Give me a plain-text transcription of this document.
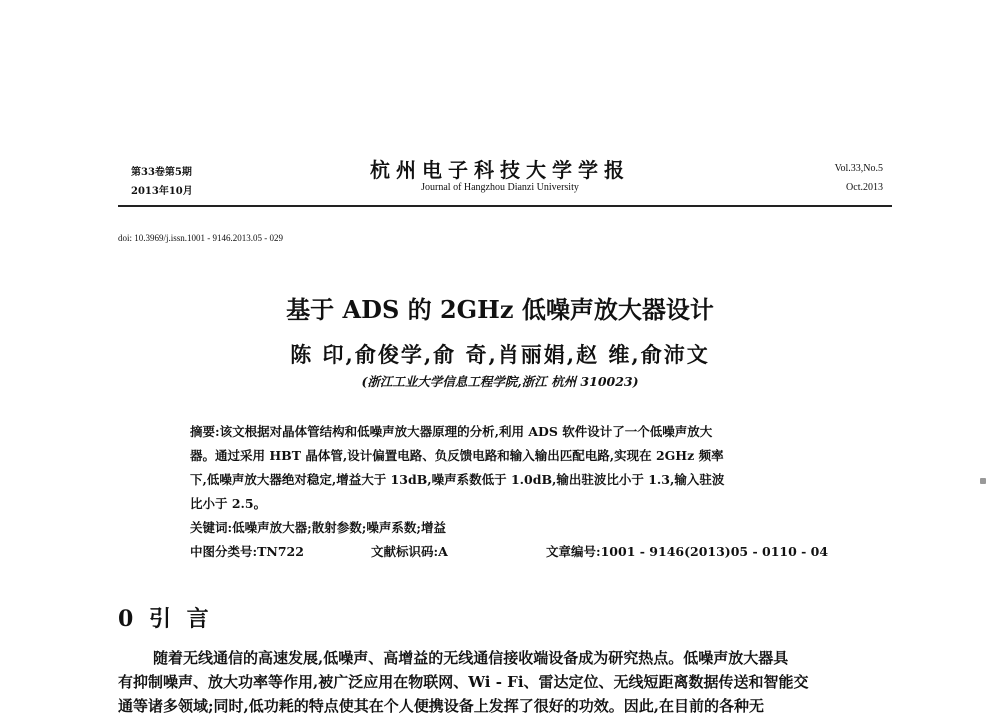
第33卷第5期
2013年10月
杭州电子科技大学学报
Journal of Hangzhou Dianzi University
Vol.33,No.5
Oct.2013
doi: 10.3969/j.issn.1001 - 9146.2013.05 - 029
基于 ADS 的 2GHz 低噪声放大器设计
陈 印,俞俊学,俞 奇,肖丽娟,赵 维,俞沛文
(浙江工业大学信息工程学院,浙江 杭州 310023)
摘要:该文根据对晶体管结构和低噪声放大器原理的分析,利用 ADS 软件设计了一个低噪声放大
器。通过采用 HBT 晶体管,设计偏置电路、负反馈电路和输入输出匹配电路,实现在 2GHz 频率
下,低噪声放大器绝对稳定,增益大于 13dB,噪声系数低于 1.0dB,输出驻波比小于 1.3,输入驻波
比小于 2.5。
关键词:低噪声放大器;散射参数;噪声系数;增益
中图分类号:TN722	文献标识码:A	文章编号:1001 - 9146(2013)05 - 0110 - 04
0 引 言
随着无线通信的高速发展,低噪声、高增益的无线通信接收端设备成为研究热点。低噪声放大器具
有抑制噪声、放大功率等作用,被广泛应用在物联网、Wi - Fi、雷达定位、无线短距离数据传送和智能交
通等诸多领域;同时,低功耗的特点使其在个人便携设备上发挥了很好的功效。因此,在目前的各种无
